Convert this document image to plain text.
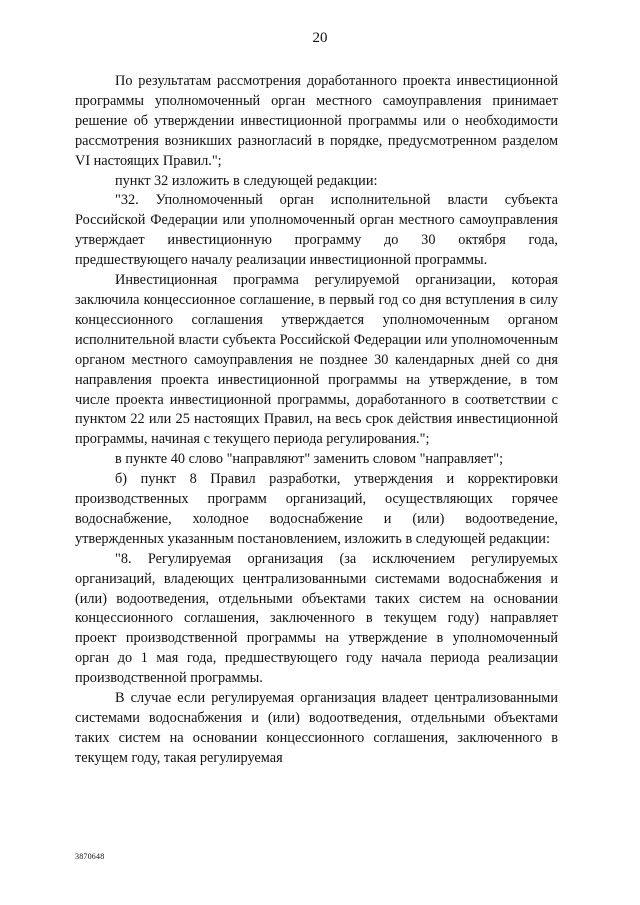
20

По результатам рассмотрения доработанного проекта инвестиционной программы уполномоченный орган местного самоуправления принимает решение об утверждении инвестиционной программы или о необходимости рассмотрения возникших разногласий в порядке, предусмотренном разделом VI настоящих Правил.";

пункт 32 изложить в следующей редакции:

"32. Уполномоченный орган исполнительной власти субъекта Российской Федерации или уполномоченный орган местного самоуправления утверждает инвестиционную программу до 30 октября года, предшествующего началу реализации инвестиционной программы.

Инвестиционная программа регулируемой организации, которая заключила концессионное соглашение, в первый год со дня вступления в силу концессионного соглашения утверждается уполномоченным органом исполнительной власти субъекта Российской Федерации или уполномоченным органом местного самоуправления не позднее 30 календарных дней со дня направления проекта инвестиционной программы на утверждение, в том числе проекта инвестиционной программы, доработанного в соответствии с пунктом 22 или 25 настоящих Правил, на весь срок действия инвестиционной программы, начиная с текущего периода регулирования.";

в пункте 40 слово "направляют" заменить словом "направляет";

б) пункт 8 Правил разработки, утверждения и корректировки производственных программ организаций, осуществляющих горячее водоснабжение, холодное водоснабжение и (или) водоотведение, утвержденных указанным постановлением, изложить в следующей редакции:

"8. Регулируемая организация (за исключением регулируемых организаций, владеющих централизованными системами водоснабжения и (или) водоотведения, отдельными объектами таких систем на основании концессионного соглашения, заключенного в текущем году) направляет проект производственной программы на утверждение в уполномоченный орган до 1 мая года, предшествующего году начала периода реализации производственной программы.

В случае если регулируемая организация владеет централизованными системами водоснабжения и (или) водоотведения, отдельными объектами таких систем на основании концессионного соглашения, заключенного в текущем году, такая регулируемая

3870648
